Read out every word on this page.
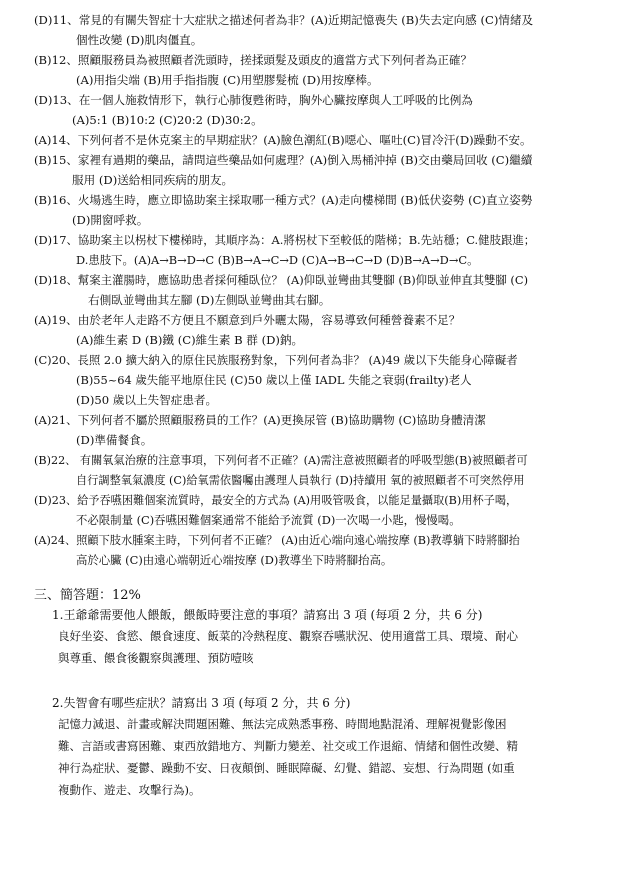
(D)11、常見的有關失智症十大症狀之描述何者為非？(A)近期記憶喪失 (B)失去定向感 (C)情緒及
個性改變 (D)肌肉僵直。
(B)12、照顧服務員為被照顧者洗頭時，搓揉頭髮及頭皮的適當方式下列何者為正確？
(A)用指尖端 (B)用手指指腹 (C)用塑膠髮梳 (D)用按摩棒。
(D)13、在一個人施救情形下，執行心肺復甦術時，胸外心臟按摩與人工呼吸的比例為
(A)5:1 (B)10:2 (C)20:2 (D)30:2。
(A)14、下列何者不是休克案主的早期症狀？(A)臉色潮紅(B)噁心、嘔吐(C)冒冷汗(D)躁動不安。
(B)15、家裡有過期的藥品，請問這些藥品如何處理？(A)倒入馬桶沖掉 (B)交由藥局回收 (C)繼續
服用 (D)送給相同疾病的朋友。
(B)16、火場逃生時，應立即協助案主採取哪一種方式？(A)走向樓梯間 (B)低伏姿勢 (C)直立姿勢
(D)開窗呼救。
(D)17、協助案主以柺杖下樓梯時，其順序為：A.將柺杖下至較低的階梯；B.先站穩；C.健肢跟進；
D.患肢下。(A)A→B→D→C (B)B→A→C→D (C)A→B→C→D (D)B→A→D→C。
(D)18、幫案主灌腸時，應協助患者採何種臥位？ (A)仰臥並彎曲其雙腳 (B)仰臥並伸直其雙腳 (C)
右側臥並彎曲其左腳 (D)左側臥並彎曲其右腳。
(A)19、由於老年人走路不方便且不願意到戶外曬太陽，容易導致何種營養素不足？
(A)維生素 D (B)鐵 (C)維生素 B 群 (D)鈉。
(C)20、長照 2.0 擴大納入的原住民族服務對象，下列何者為非？ (A)49 歲以下失能身心障礙者
(B)55~64 歲失能平地原住民 (C)50 歲以上僅 IADL 失能之衰弱(frailty)老人
(D)50 歲以上失智症患者。
(A)21、下列何者不屬於照顧服務員的工作？(A)更換尿管 (B)協助購物 (C)協助身體清潔
(D)準備餐食。
(B)22、 有關氧氣治療的注意事項，下列何者不正確？(A)需注意被照顧者的呼吸型態(B)被照顧者可
自行調整氧氣濃度 (C)給氧需依醫囑由護理人員執行 (D)持續用 氧的被照顧者不可突然停用
(D)23、給予吞嚥困難個案流質時，最安全的方式為 (A)用吸管吸食，以能足量攝取(B)用杯子喝，
不必限制量 (C)吞嚥困難個案通常不能給予流質 (D)一次喝一小匙，慢慢喝。
(A)24、照顧下肢水腫案主時，下列何者不正確？ (A)由近心端向遠心端按摩 (B)教導躺下時將腳抬
高於心臟 (C)由遠心端朝近心端按摩 (D)教導坐下時將腳抬高。
三、簡答題：12%
1.王爺爺需要他人餵飯，餵飯時要注意的事項？請寫出 3 項 (每項 2 分，共 6 分)
良好坐姿、食慾、餵食速度、飯菜的冷熱程度、觀察吞嚥狀況、使用適當工具、環境、耐心
與尊重、餵食後觀察與護理、預防噎咳
2.失智會有哪些症狀？請寫出 3 項 (每項 2 分，共 6 分)
記憶力減退、計畫或解決問題困難、無法完成熟悉事務、時間地點混淆、理解視覺影像困
難、言語或書寫困難、東西放錯地方、判斷力變差、社交或工作退縮、情緒和個性改變、精
神行為症狀、憂鬱、躁動不安、日夜顛倒、睡眠障礙、幻覺、錯認、妄想、行為問題 (如重
複動作、遊走、攻擊行為)。
